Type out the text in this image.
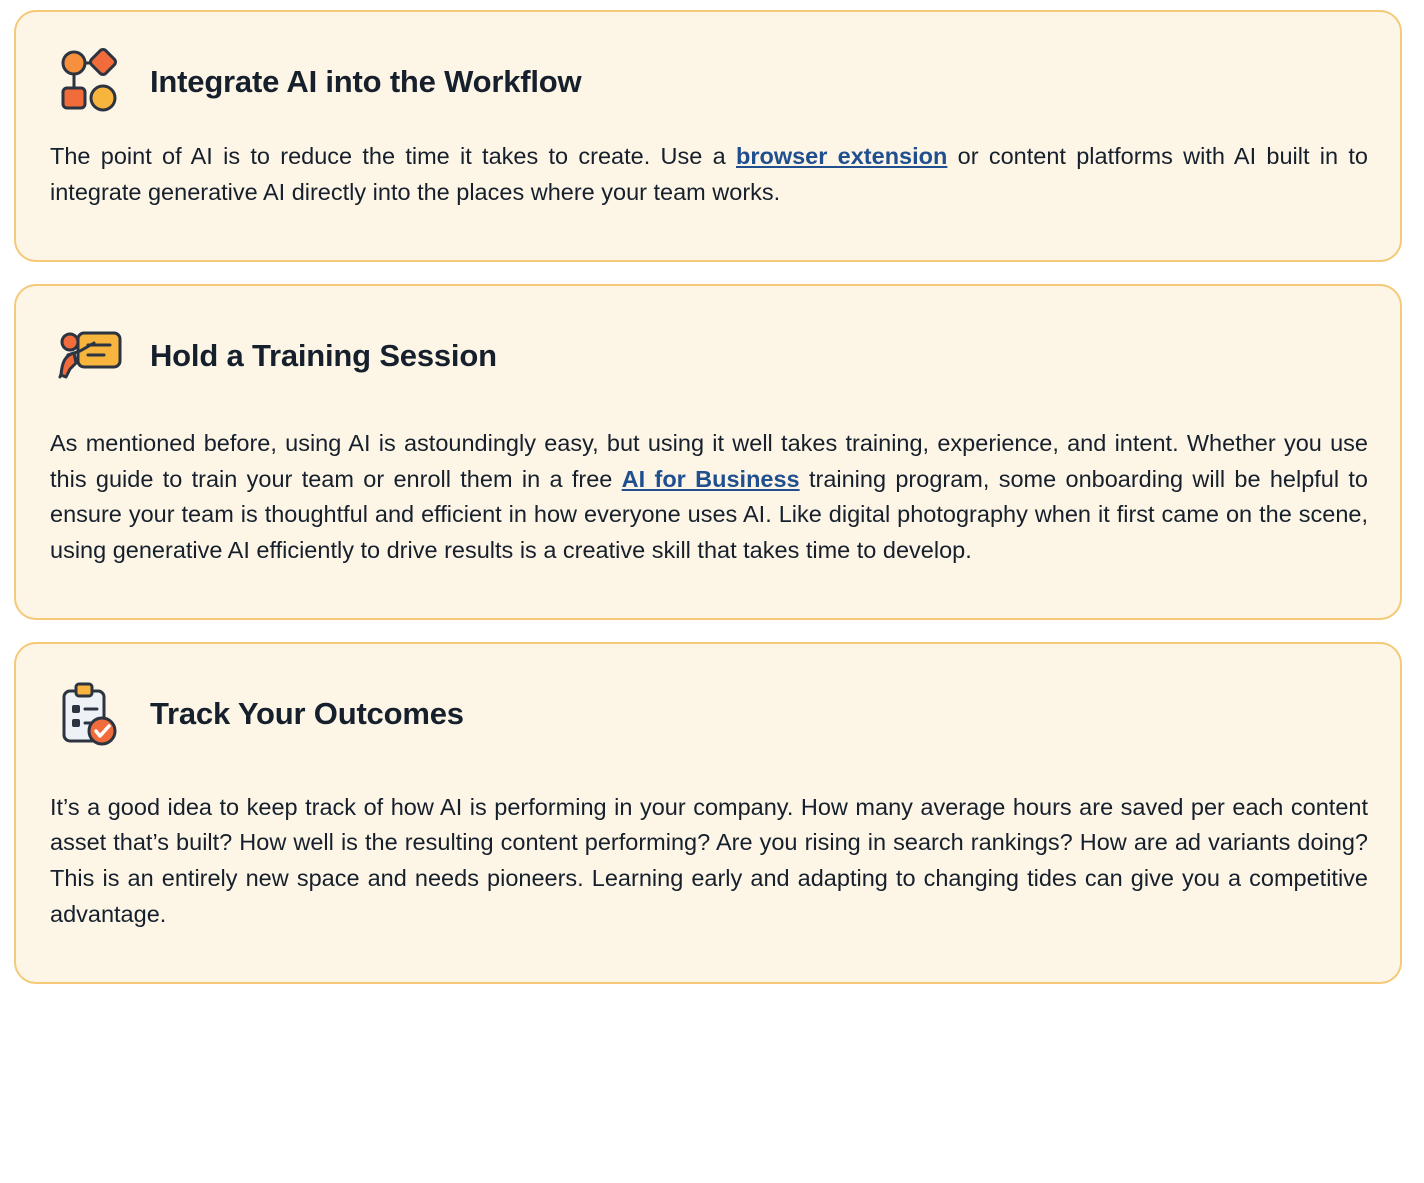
Integrate AI into the Workflow

The point of AI is to reduce the time it takes to create. Use a browser extension or content platforms with AI built in to integrate generative AI directly into the places where your team works.

Hold a Training Session

As mentioned before, using AI is astoundingly easy, but using it well takes training, experience, and intent. Whether you use this guide to train your team or enroll them in a free AI for Business training program, some onboarding will be helpful to ensure your team is thoughtful and efficient in how everyone uses AI. Like digital photography when it first came on the scene, using generative AI efficiently to drive results is a creative skill that takes time to develop.

Track Your Outcomes

It’s a good idea to keep track of how AI is performing in your company. How many average hours are saved per each content asset that’s built? How well is the resulting content performing? Are you rising in search rankings? How are ad variants doing? This is an entirely new space and needs pioneers. Learning early and adapting to changing tides can give you a competitive advantage.
